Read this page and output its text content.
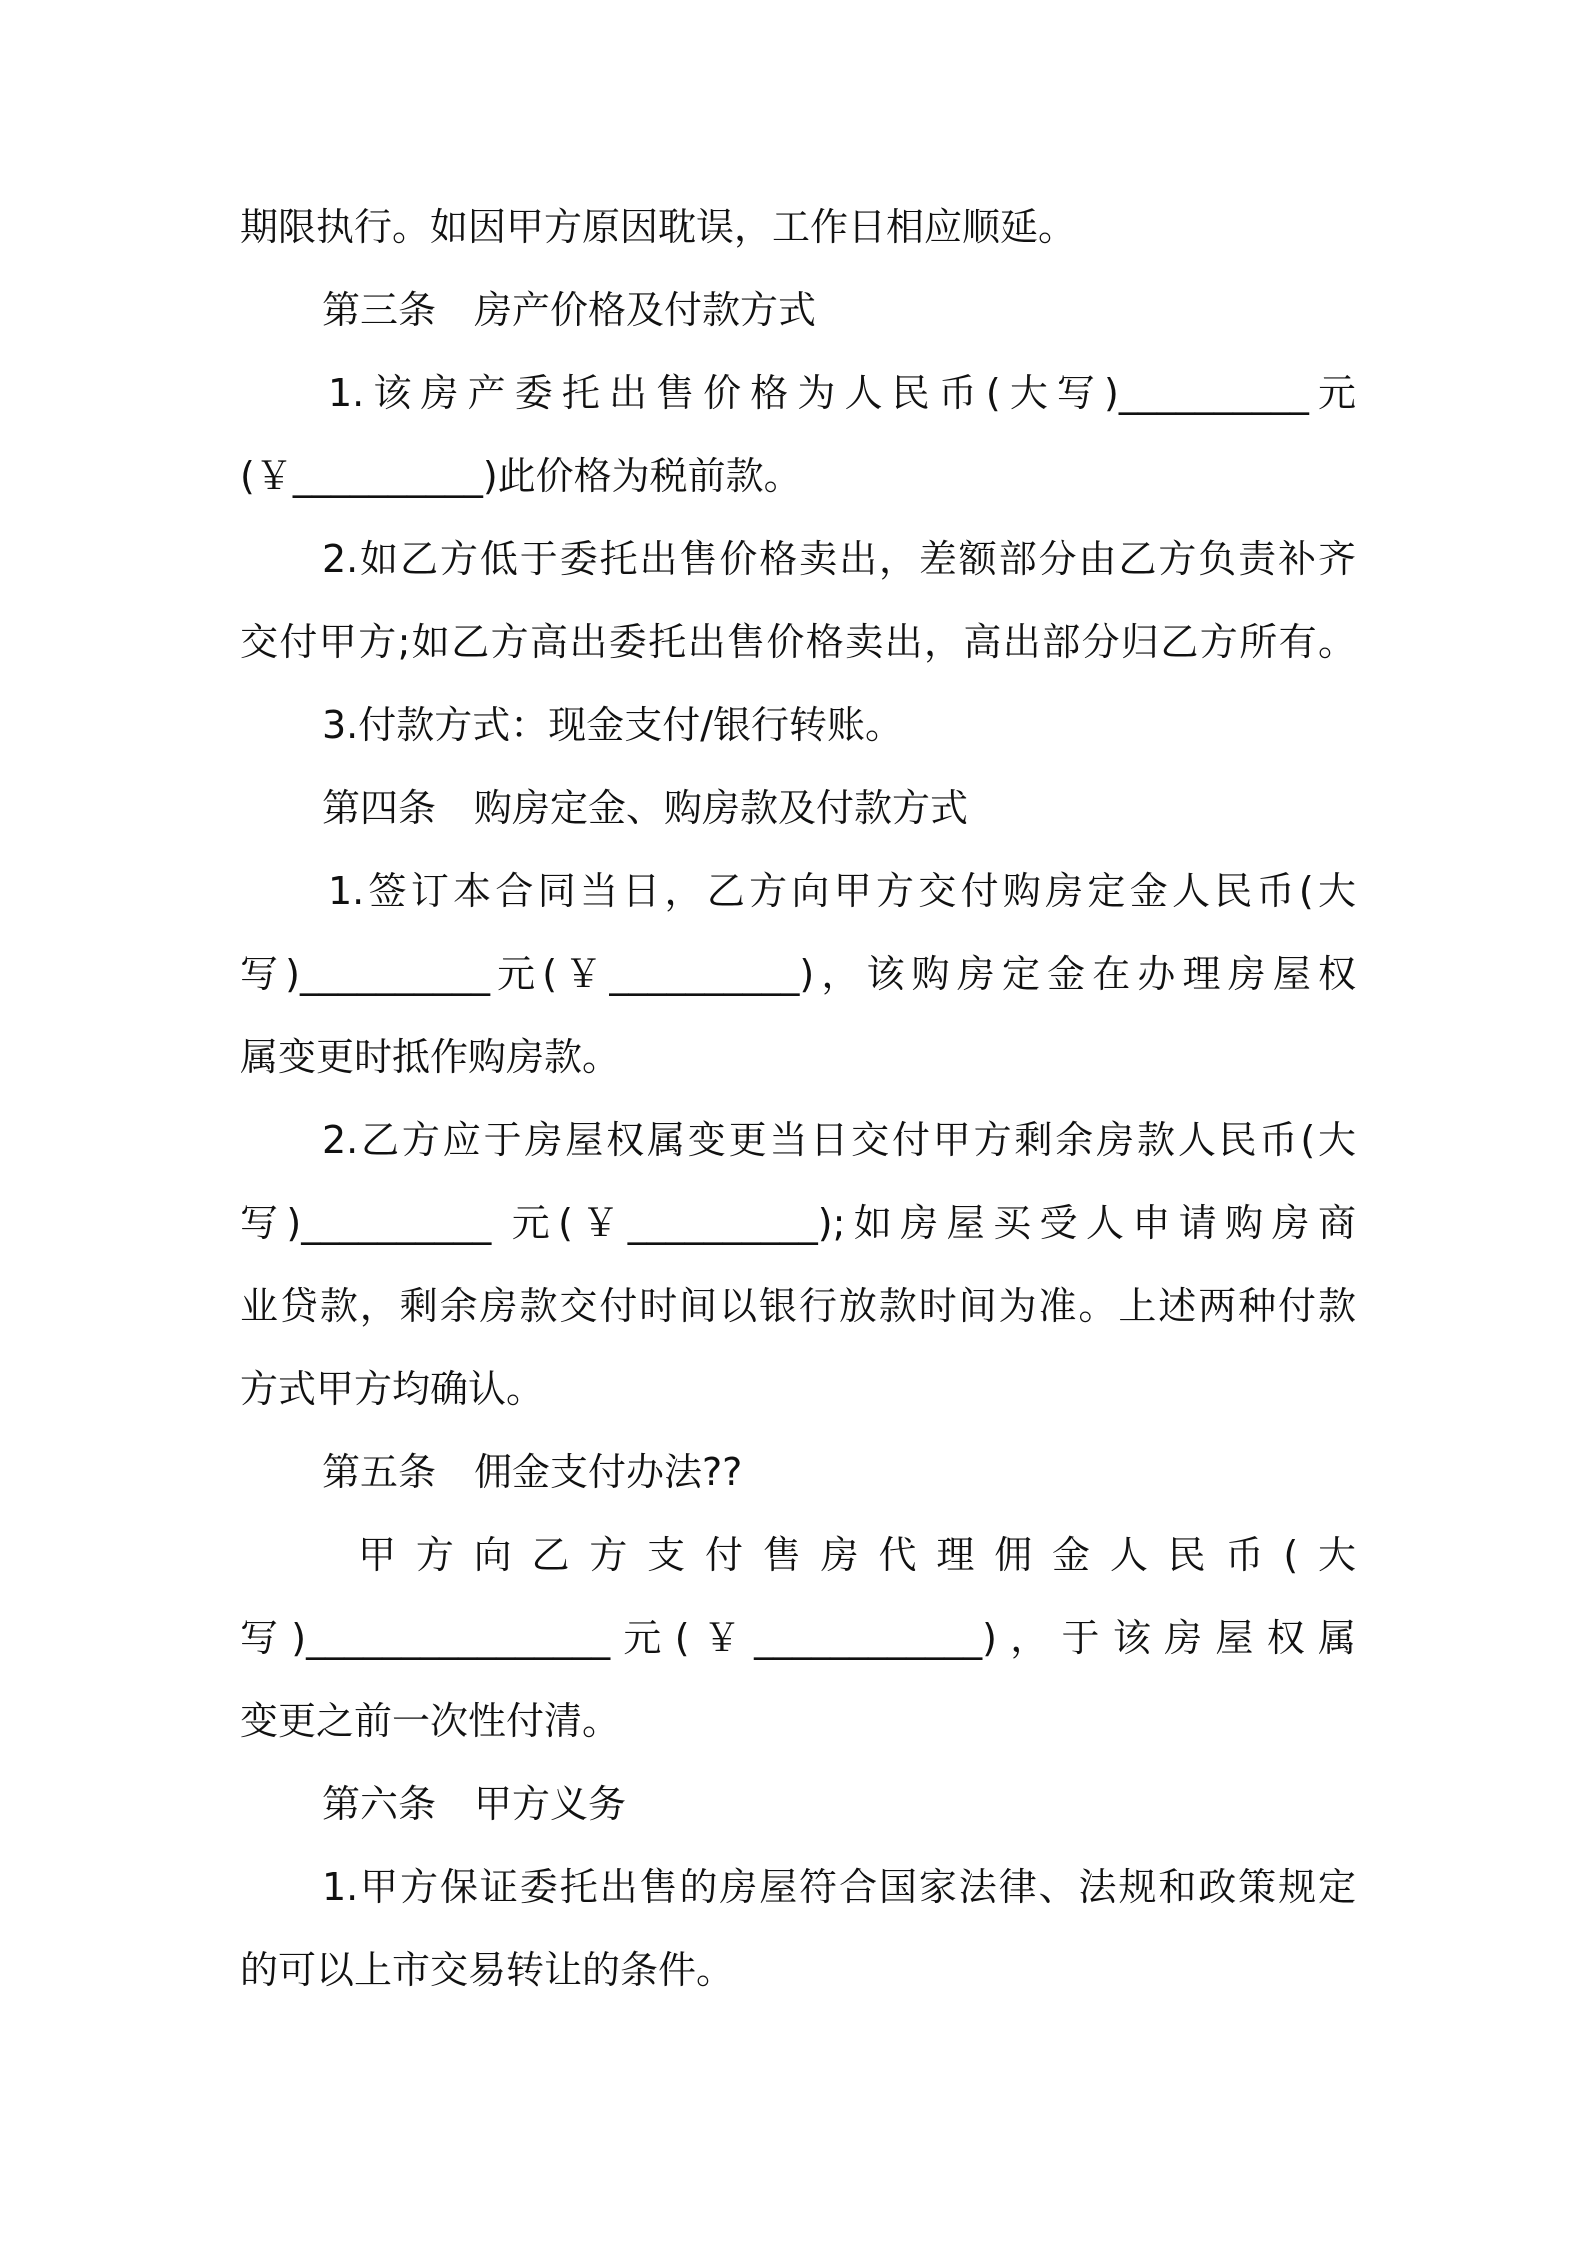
期限执行。如因甲方原因耽误，工作日相应顺延。
第三条　房产价格及付款方式
1.该房产委托出售价格为人民币(大写)__________元
(￥__________)此价格为税前款。
2.如乙方低于委托出售价格卖出，差额部分由乙方负责补齐
交付甲方;如乙方高出委托出售价格卖出，高出部分归乙方所有。
3.付款方式：现金支付/银行转账。
第四条　购房定金、购房款及付款方式
1.签订本合同当日，乙方向甲方交付购房定金人民币(大
写)__________元(￥__________)，该购房定金在办理房屋权
属变更时抵作购房款。
2.乙方应于房屋权属变更当日交付甲方剩余房款人民币(大
写)__________ 元(￥__________);如房屋买受人申请购房商
业贷款，剩余房款交付时间以银行放款时间为准。上述两种付款
方式甲方均确认。
第五条　佣金支付办法??
甲方向乙方支付售房代理佣金人民币(大
写)________________元(￥____________)，于该房屋权属
变更之前一次性付清。
第六条　甲方义务
1.甲方保证委托出售的房屋符合国家法律、法规和政策规定
的可以上市交易转让的条件。
